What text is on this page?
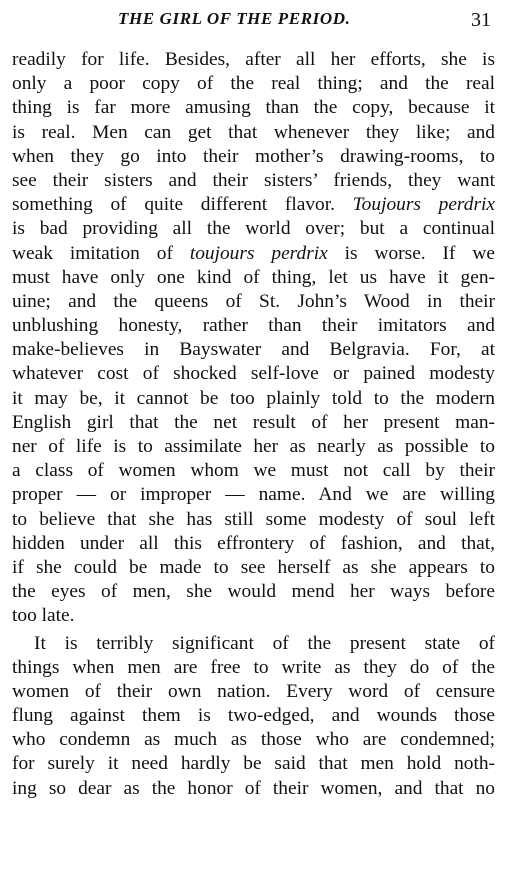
THE GIRL OF THE PERIOD.	31
readily for life. Besides, after all her efforts, she is
only a poor copy of the real thing; and the real
thing is far more amusing than the copy, because it
is real. Men can get that whenever they like; and
when they go into their mother’s drawing-rooms, to
see their sisters and their sisters’ friends, they want
something of quite different flavor. Toujours perdrix
is bad providing all the world over; but a continual
weak imitation of toujours perdrix is worse. If we
must have only one kind of thing, let us have it gen-
uine; and the queens of St. John’s Wood in their
unblushing honesty, rather than their imitators and
make-believes in Bayswater and Belgravia. For, at
whatever cost of shocked self-love or pained modesty
it may be, it cannot be too plainly told to the modern
English girl that the net result of her present man-
ner of life is to assimilate her as nearly as possible to
a class of women whom we must not call by their
proper — or improper — name. And we are willing
to believe that she has still some modesty of soul left
hidden under all this effrontery of fashion, and that,
if she could be made to see herself as she appears to
the eyes of men, she would mend her ways before
too late.
It is terribly significant of the present state of
things when men are free to write as they do of the
women of their own nation. Every word of censure
flung against them is two-edged, and wounds those
who condemn as much as those who are condemned;
for surely it need hardly be said that men hold noth-
ing so dear as the honor of their women, and that no
